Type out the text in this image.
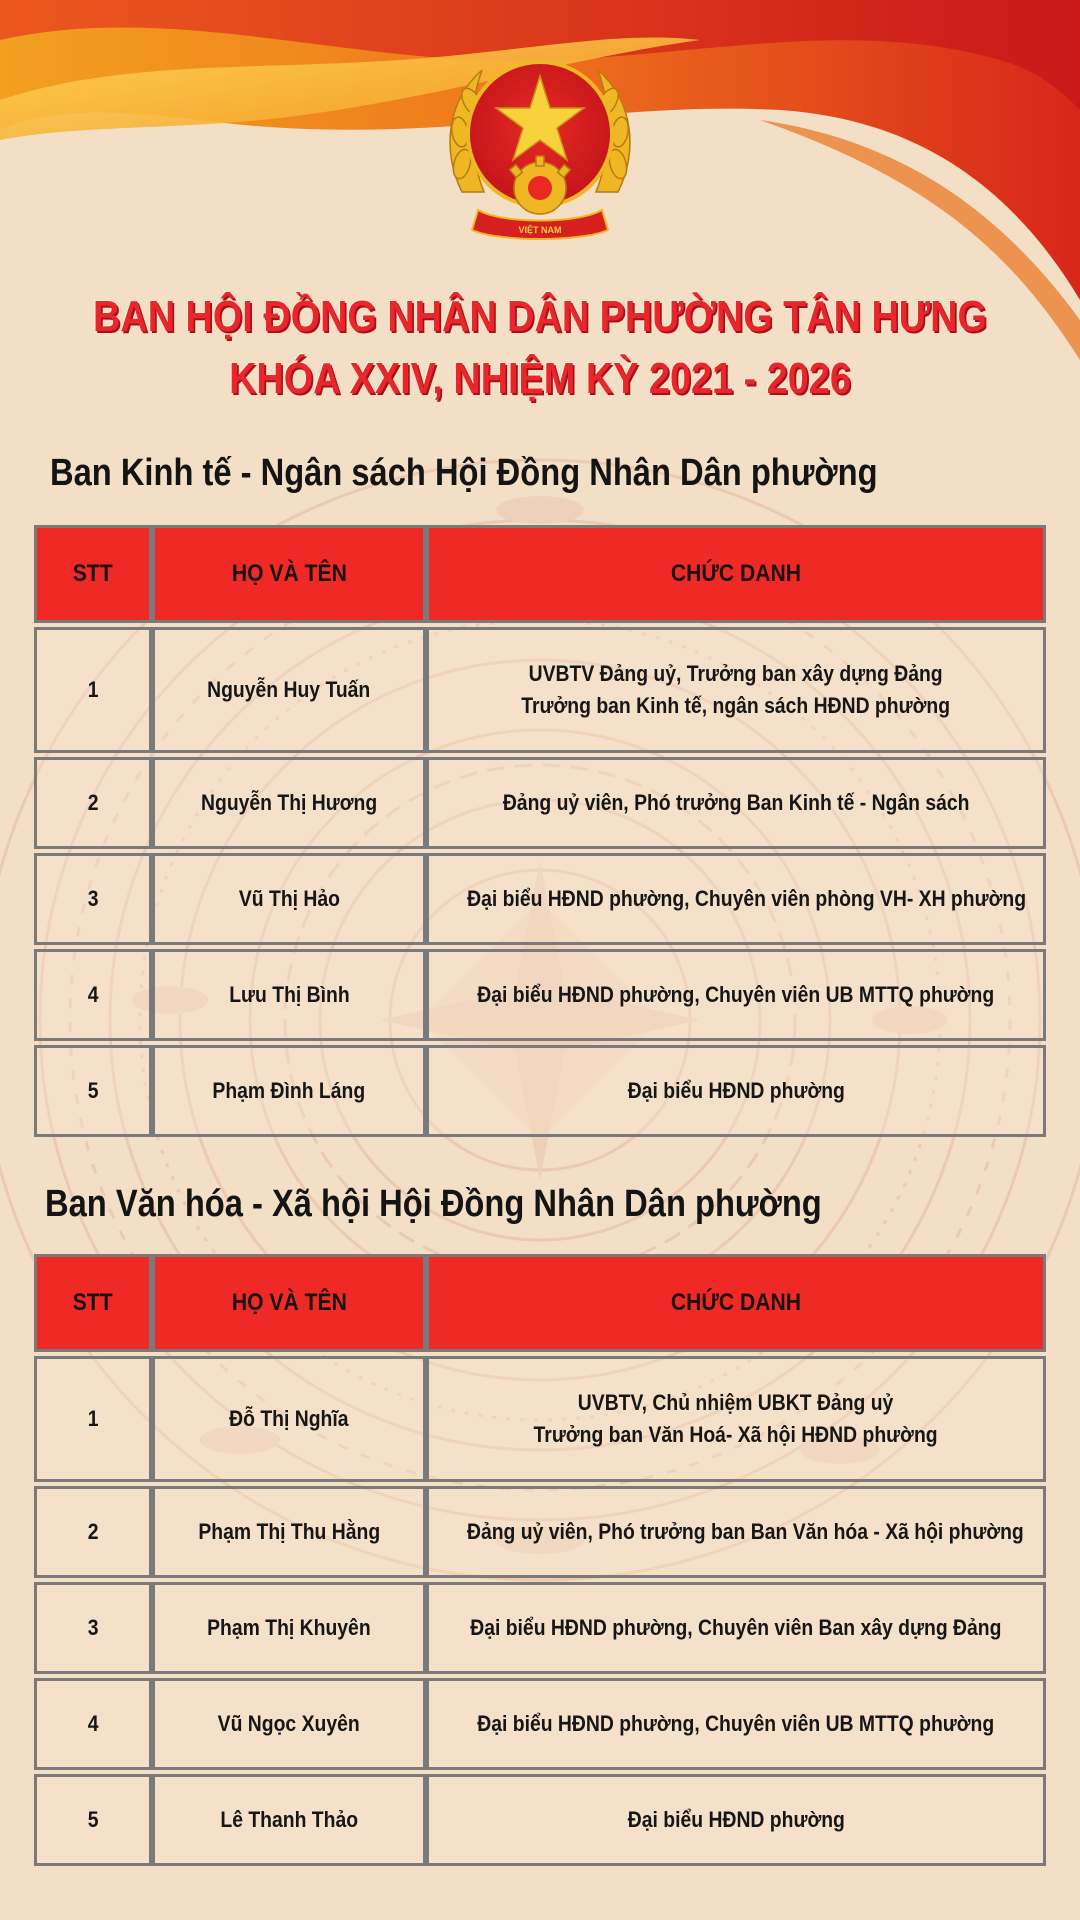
VIỆT NAM
BAN HỘI ĐỒNG NHÂN DÂN PHƯỜNG TÂN HƯNG
KHÓA XXIV, NHIỆM KỲ 2021 - 2026
Ban Kinh tế - Ngân sách Hội Đồng Nhân Dân phường
STT	HỌ VÀ TÊN	CHỨC DANH
1	Nguyễn Huy Tuấn	UVBTV Đảng uỷ, Trưởng ban xây dựng Đảng
Trưởng ban Kinh tế, ngân sách HĐND phường

2	Nguyễn Thị Hương	Đảng uỷ viên, Phó trưởng Ban Kinh tế - Ngân sách
3	Vũ Thị Hảo	Đại biểu HĐND phường, Chuyên viên phòng VH- XH phường
4	Lưu Thị Bình	Đại biểu HĐND phường, Chuyên viên UB MTTQ phường
5	Phạm Đình Láng	Đại biểu HĐND phường
Ban Văn hóa - Xã hội Hội Đồng Nhân Dân phường
STT	HỌ VÀ TÊN	CHỨC DANH
1	Đỗ Thị Nghĩa	UVBTV, Chủ nhiệm UBKT Đảng uỷ
Trưởng ban Văn Hoá- Xã hội HĐND phường

2	Phạm Thị Thu Hằng	Đảng uỷ viên, Phó trưởng ban Ban Văn hóa - Xã hội phường
3	Phạm Thị Khuyên	Đại biểu HĐND phường, Chuyên viên Ban xây dựng Đảng
4	Vũ Ngọc Xuyên	Đại biểu HĐND phường, Chuyên viên UB MTTQ phường
5	Lê Thanh Thảo	Đại biểu HĐND phường
